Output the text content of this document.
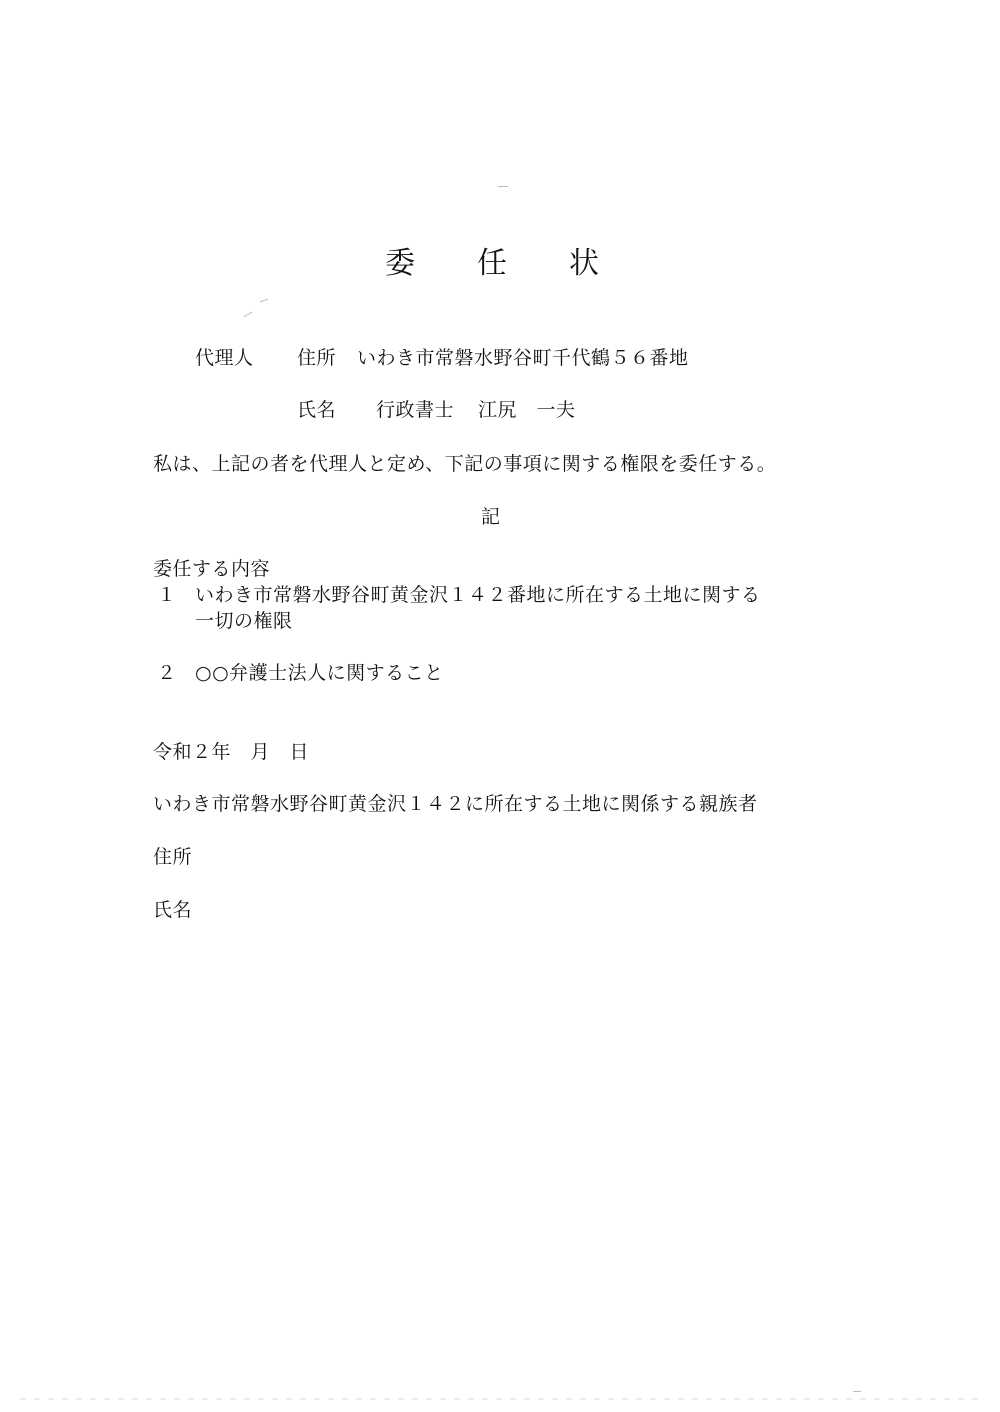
委 任 状
代理人 住所 いわき市常磐水野谷町千代鶴５６番地
氏名 行政書士 江尻　一夫
私は、上記の者を代理人と定め、下記の事項に関する権限を委任する。
記
委任する内容
１ いわき市常磐水野谷町黄金沢１４２番地に所在する土地に関する
一切の権限
２ ○○弁護士法人に関すること
令和２年　月　日
いわき市常磐水野谷町黄金沢１４２に所在する土地に関係する親族者
住所
氏名
